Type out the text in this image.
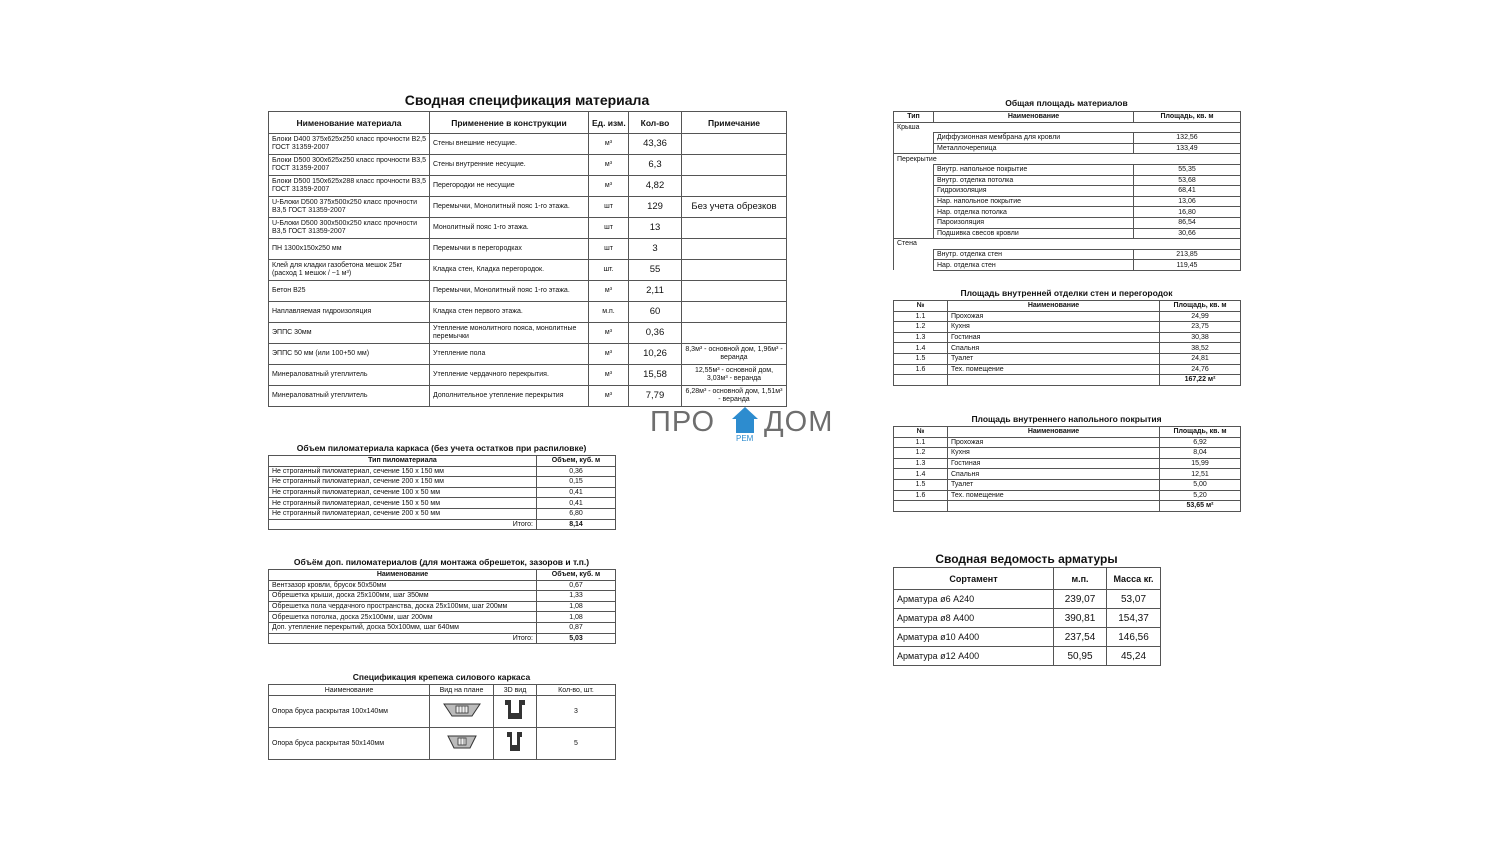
Сводная спецификация материала
Нименование материала	Применение в конструкции	Ед. изм.	Кол-во	Примечание
Блоки D400 375х625х250 класс прочности В2,5 ГОСТ 31359-2007	Стены внешние несущие.	м³	43,36	
Блоки D500 300х625х250 класс прочности В3,5 ГОСТ 31359-2007	Стены внутренние несущие.	м³	6,3	
Блоки D500 150х625х288 класс прочности В3,5 ГОСТ 31359-2007	Перегородки не несущие	м³	4,82	
U-Блоки D500 375х500х250 класс прочности В3,5 ГОСТ 31359-2007	Перемычки, Монолитный пояс 1-го этажа.	шт	129	Без учета обрезков
U-Блоки D500 300х500х250 класс прочности В3,5 ГОСТ 31359-2007	Монолитный пояс 1-го этажа.	шт	13	
ПН 1300х150х250 мм	Перемычки в перегородках	шт	3	
Клей для кладки газобетона мешок 25кг (расход 1 мешок / ~1 м³)	Кладка стен, Кладка перегородок.	шт.	55	
Бетон В25	Перемычки, Монолитный пояс 1-го этажа.	м³	2,11	
Наплавляемая гидроизоляция	Кладка стен первого этажа.	м.п.	60	
ЭППС 30мм	Утепление монолитного пояса, монолитные перемычки	м³	0,36	
ЭППС 50 мм (или 100+50 мм)	Утепление пола	м³	10,26	8,3м³ - основной дом, 1,96м³ - веранда
Минераловатный утеплитель	Утепление чердачного перекрытия.	м³	15,58	12,55м³ - основной дом, 3,03м³ - веранда
Минераловатный утеплитель	Дополнительное утепление перекрытия	м³	7,79	6,28м³ - основной дом, 1,51м³ - веранда
Объем пиломатериала каркаса (без учета остатков при распиловке)
Тип пиломатериала	Объем, куб. м
Не строганный пиломатериал, сечение 150 х 150 мм	0,36
Не строганный пиломатериал, сечение 200 х 150 мм	0,15
Не строганный пиломатериал, сечение 100 х 50 мм	0,41
Не строганный пиломатериал, сечение 150 х 50 мм	0,41
Не строганный пиломатериал, сечение 200 х 50 мм	6,80
Итого:	8,14
Объём доп. пиломатериалов (для монтажа обрешеток, зазоров и т.п.)
Наименование	Объем, куб. м
Вентзазор кровли, брусок 50х50мм	0,67
Обрешетка крыши, доска 25х100мм, шаг 350мм	1,33
Обрешетка пола чердачного пространства, доска 25х100мм, шаг 200мм	1,08
Обрешетка потолка, доска 25х100мм, шаг 200мм	1,08
Доп. утепление перекрытий, доска 50х100мм, шаг 640мм	0,87
Итого:	5,03
Спецификация крепежа силового каркаса
Наименование	Вид на плане	3D вид	Кол-во, шт.
Опора бруса раскрытая 100х140мм			3
Опора бруса раскрытая 50х140мм			5
Общая площадь материалов
Тип	Наименование	Площадь, кв. м
Крыша		
	Диффузионная мембрана для кровли	132,56
	Металлочерепица	133,49
Перекрытие		
	Внутр. напольное покрытие	55,35
	Внутр. отделка потолка	53,68
	Гидроизоляция	68,41
	Нар. напольное покрытие	13,06
	Нар. отделка потолка	16,80
	Пароизоляция	86,54
	Подшивка свесов кровли	30,66
Стена		
	Внутр. отделка стен	213,85
	Нар. отделка стен	119,45
Площадь внутренней отделки стен и перегородок
№	Наименование	Площадь, кв. м
1.1	Прохожая	24,99
1.2	Кухня	23,75
1.3	Гостиная	30,38
1.4	Спальня	38,52
1.5	Туалет	24,81
1.6	Тех. помещение	24,76
		167,22 м²
Площадь внутреннего напольного покрытия
№	Наименование	Площадь, кв. м
1.1	Прохожая	6,92
1.2	Кухня	8,04
1.3	Гостиная	15,99
1.4	Спальня	12,51
1.5	Туалет	5,00
1.6	Тех. помещение	5,20
		53,65 м²
Сводная ведомость арматуры
Сортамент	м.п.	Масса кг.
Арматура ø6 А240	239,07	53,07
Арматура ø8 А400	390,81	154,37
Арматура ø10 А400	237,54	146,56
Арматура ø12 А400	50,95	45,24
ПРО
РЕМ
ДОМ
